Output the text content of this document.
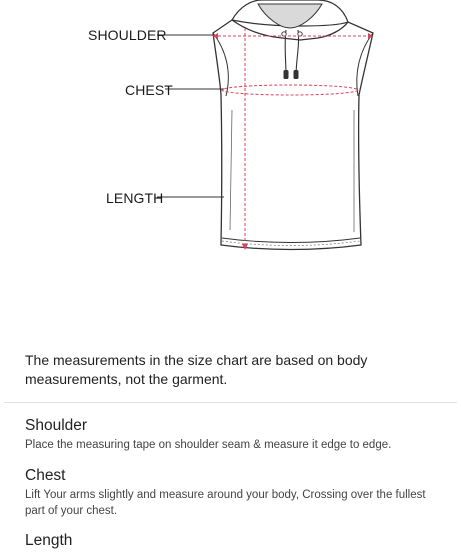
SHOULDER
CHEST
LENGTH
The measurements in the size chart are based on body measurements, not the garment.
Shoulder
Place the measuring tape on shoulder seam & measure it edge to edge.
Chest
Lift Your arms slightly and measure around your body, Crossing over the fullest part of your chest.
Length
